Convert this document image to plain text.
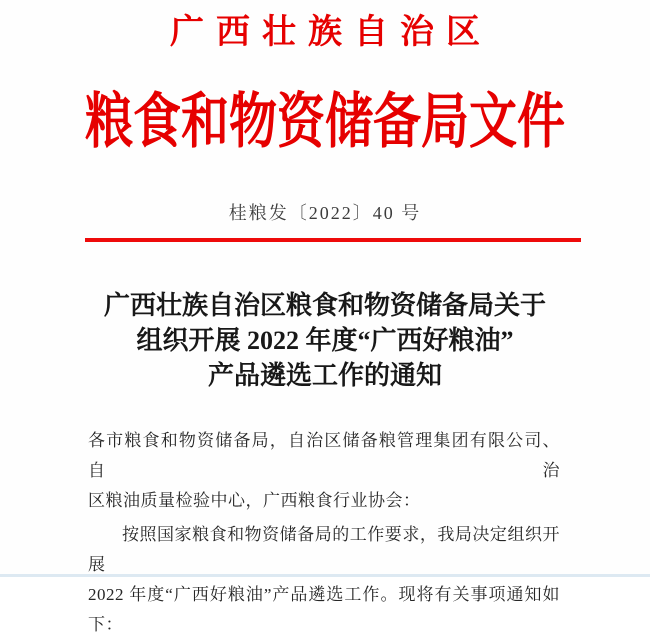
广西壮族自治区
粮食和物资储备局文件
桂粮发〔2022〕40 号
广西壮族自治区粮食和物资储备局关于
组织开展 2022 年度“广西好粮油”
产品遴选工作的通知
各市粮食和物资储备局，自治区储备粮管理集团有限公司、自治
区粮油质量检验中心，广西粮食行业协会：
按照国家粮食和物资储备局的工作要求，我局决定组织开展
2022 年度“广西好粮油”产品遴选工作。现将有关事项通知如
下：
